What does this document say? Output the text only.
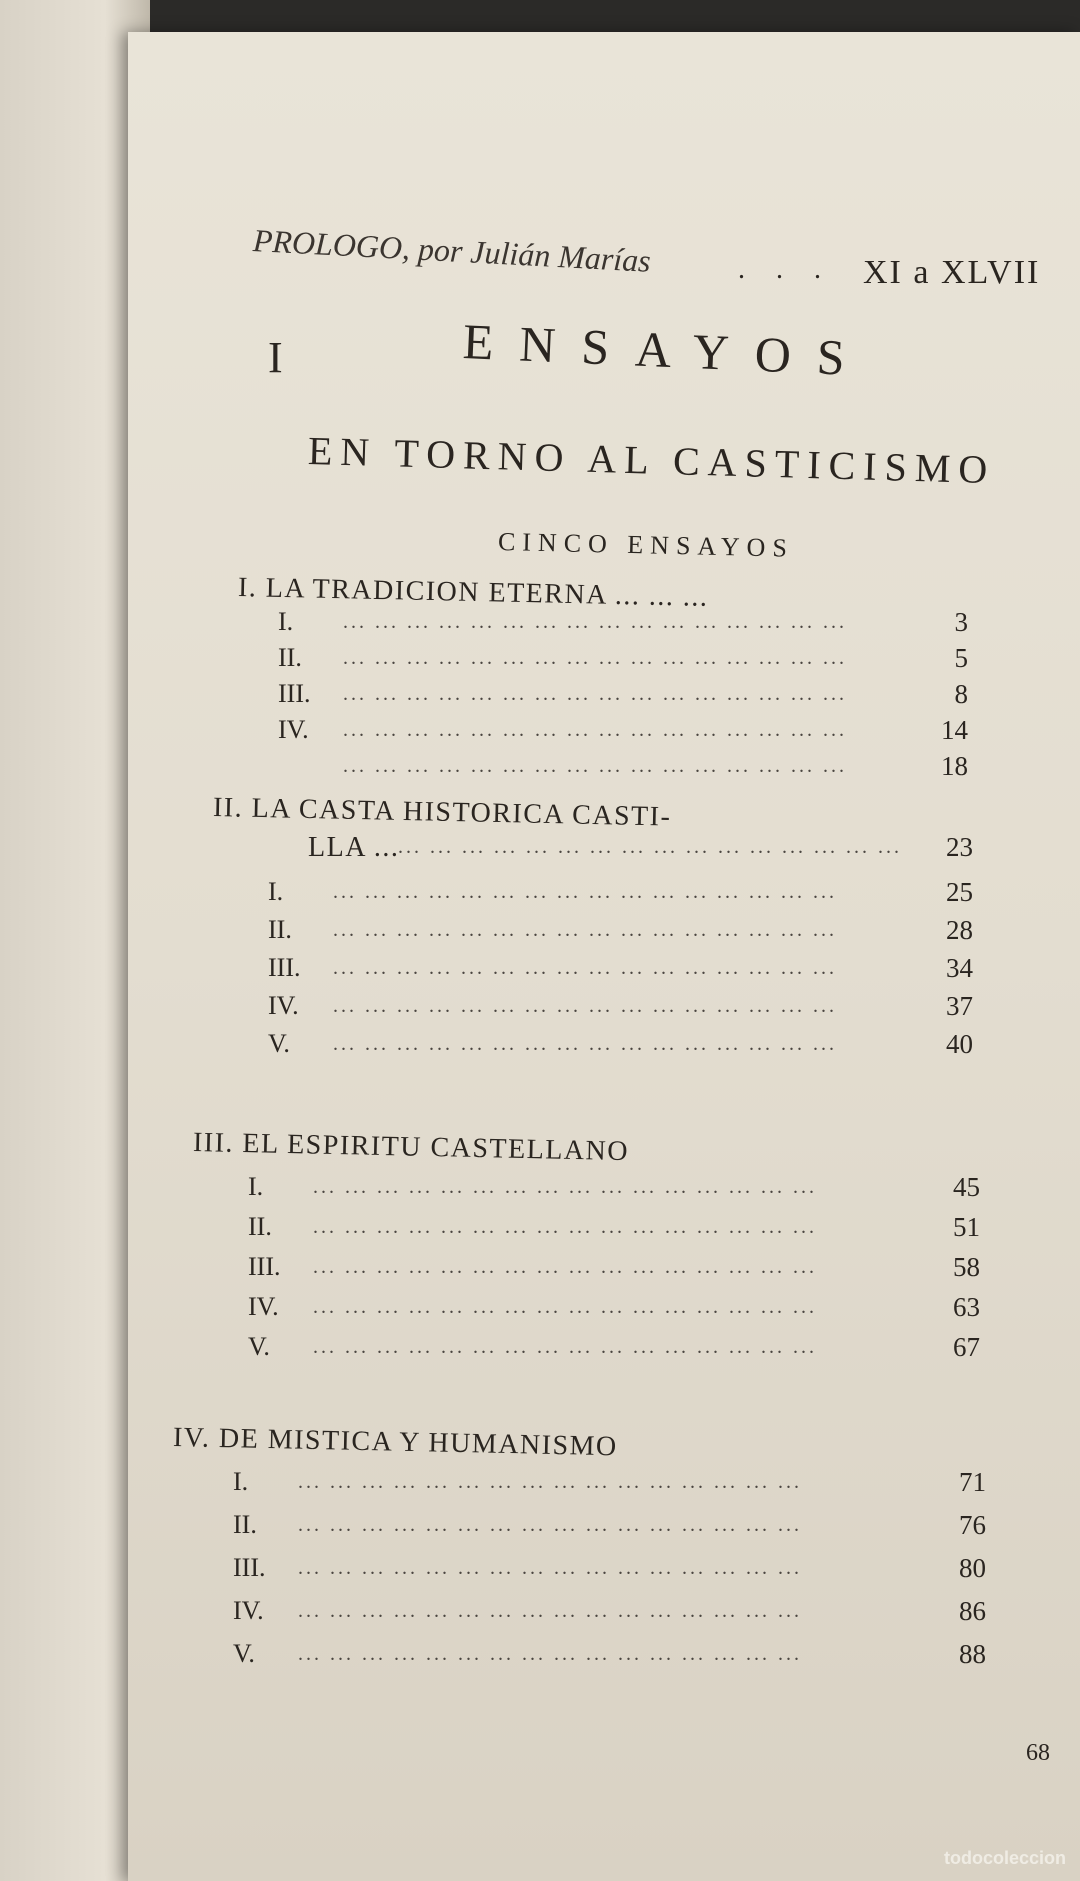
PROLOGO, por Julián Marías	. . . XI a XLVII
I	ENSAYOS
EN TORNO AL CASTICISMO
CINCO ENSAYOS
I. LA TRADICION ETERNA ... ... ...
I. ... ... ... ... ... ... ... ... ... ... ... ... ... ... ... ...	3
II. ... ... ... ... ... ... ... ... ... ... ... ... ... ... ... ...	5
III. ... ... ... ... ... ... ... ... ... ... ... ... ... ... ... ...	8
IV. ... ... ... ... ... ... ... ... ... ... ... ... ... ... ... ...	14
... ... ... ... ... ... ... ... ... ... ... ... ... ... ... ...	18
II. LA CASTA HISTORICA CASTI-
LLA ...
... ... ... ... ... ... ... ... ... ... ... ... ... ... ... ...	23
I. ... ... ... ... ... ... ... ... ... ... ... ... ... ... ... ...	25
II. ... ... ... ... ... ... ... ... ... ... ... ... ... ... ... ...	28
III. ... ... ... ... ... ... ... ... ... ... ... ... ... ... ... ...	34
IV. ... ... ... ... ... ... ... ... ... ... ... ... ... ... ... ...	37
V. ... ... ... ... ... ... ... ... ... ... ... ... ... ... ... ...	40
III. EL ESPIRITU CASTELLANO
I. ... ... ... ... ... ... ... ... ... ... ... ... ... ... ... ...	45
II. ... ... ... ... ... ... ... ... ... ... ... ... ... ... ... ...	51
III. ... ... ... ... ... ... ... ... ... ... ... ... ... ... ... ...	58
IV. ... ... ... ... ... ... ... ... ... ... ... ... ... ... ... ...	63
V. ... ... ... ... ... ... ... ... ... ... ... ... ... ... ... ...	67
IV. DE MISTICA Y HUMANISMO
I. ... ... ... ... ... ... ... ... ... ... ... ... ... ... ... ...	71
II. ... ... ... ... ... ... ... ... ... ... ... ... ... ... ... ...	76
III. ... ... ... ... ... ... ... ... ... ... ... ... ... ... ... ...	80
IV. ... ... ... ... ... ... ... ... ... ... ... ... ... ... ... ...	86
V. ... ... ... ... ... ... ... ... ... ... ... ... ... ... ... ...	88
68
todocoleccion
